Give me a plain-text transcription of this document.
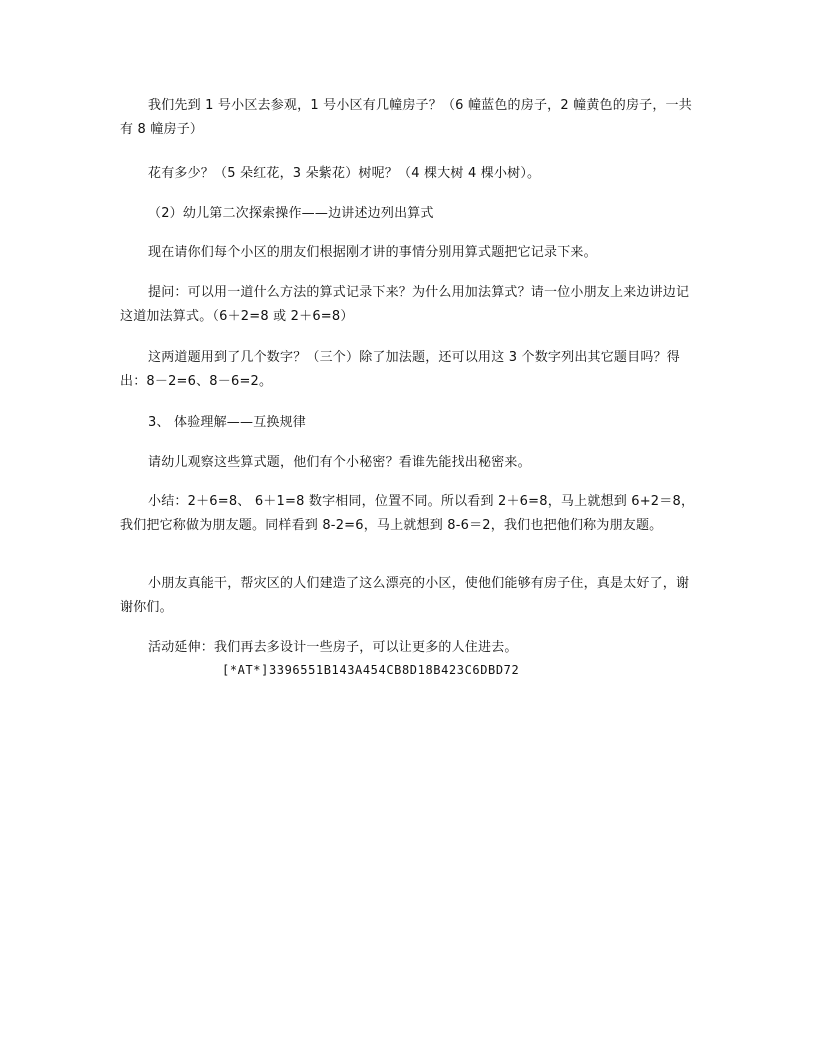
我们先到 1 号小区去参观，1 号小区有几幢房子？（6 幢蓝色的房子，2 幢黄色的房子，一共有 8 幢房子）

花有多少？（5 朵红花，3 朵紫花）树呢？（4 棵大树 4 棵小树）。

（2）幼儿第二次探索操作——边讲述边列出算式

现在请你们每个小区的朋友们根据刚才讲的事情分别用算式题把它记录下来。

提问：可以用一道什么方法的算式记录下来？为什么用加法算式？请一位小朋友上来边讲边记这道加法算式。（6＋2=8 或 2＋6=8）

这两道题用到了几个数字？（三个）除了加法题，还可以用这 3 个数字列出其它题目吗？得出：8－2=6、8－6=2。

3、 体验理解——互换规律

请幼儿观察这些算式题，他们有个小秘密？看谁先能找出秘密来。

小结：2＋6=8、 6＋1=8 数字相同，位置不同。所以看到 2＋6=8，马上就想到 6+2＝8，我们把它称做为朋友题。同样看到 8-2=6，马上就想到 8-6＝2，我们也把他们称为朋友题。

小朋友真能干，帮灾区的人们建造了这么漂亮的小区，使他们能够有房子住，真是太好了，谢谢你们。

活动延伸：我们再去多设计一些房子，可以让更多的人住进去。

[*AT*]3396551B143A454CB8D18B423C6DBD72
